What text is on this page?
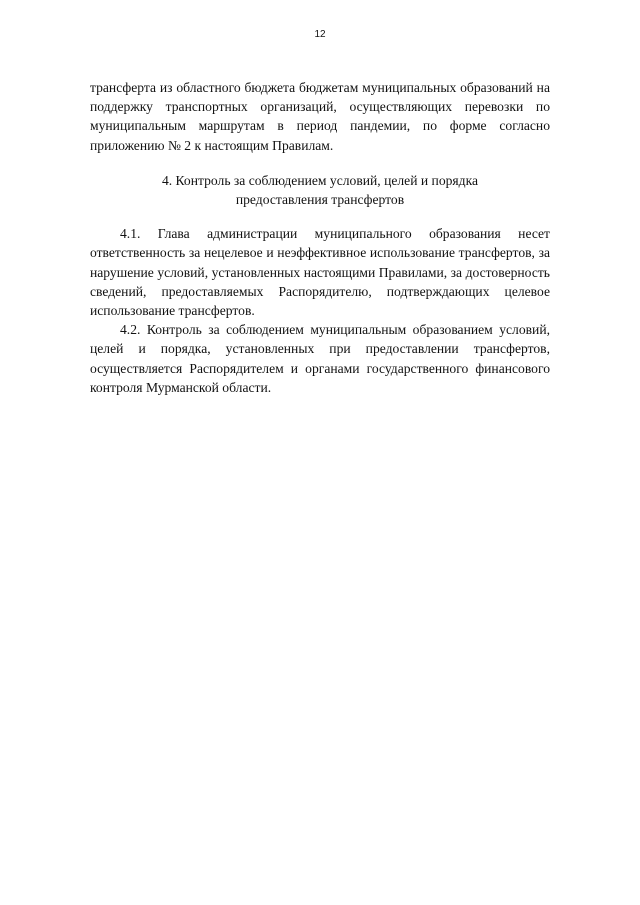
12

трансферта из областного бюджета бюджетам муниципальных образований на поддержку транспортных организаций, осуществляющих перевозки по муниципальным маршрутам в период пандемии, по форме согласно приложению № 2 к настоящим Правилам.

4. Контроль за соблюдением условий, целей и порядка
предоставления трансфертов

4.1. Глава администрации муниципального образования несет ответственность за нецелевое и неэффективное использование трансфертов, за нарушение условий, установленных настоящими Правилами, за достоверность сведений, предоставляемых Распорядителю, подтверждающих целевое использование трансфертов.

4.2. Контроль за соблюдением муниципальным образованием условий, целей и порядка, установленных при предоставлении трансфертов, осуществляется Распорядителем и органами государственного финансового контроля Мурманской области.
